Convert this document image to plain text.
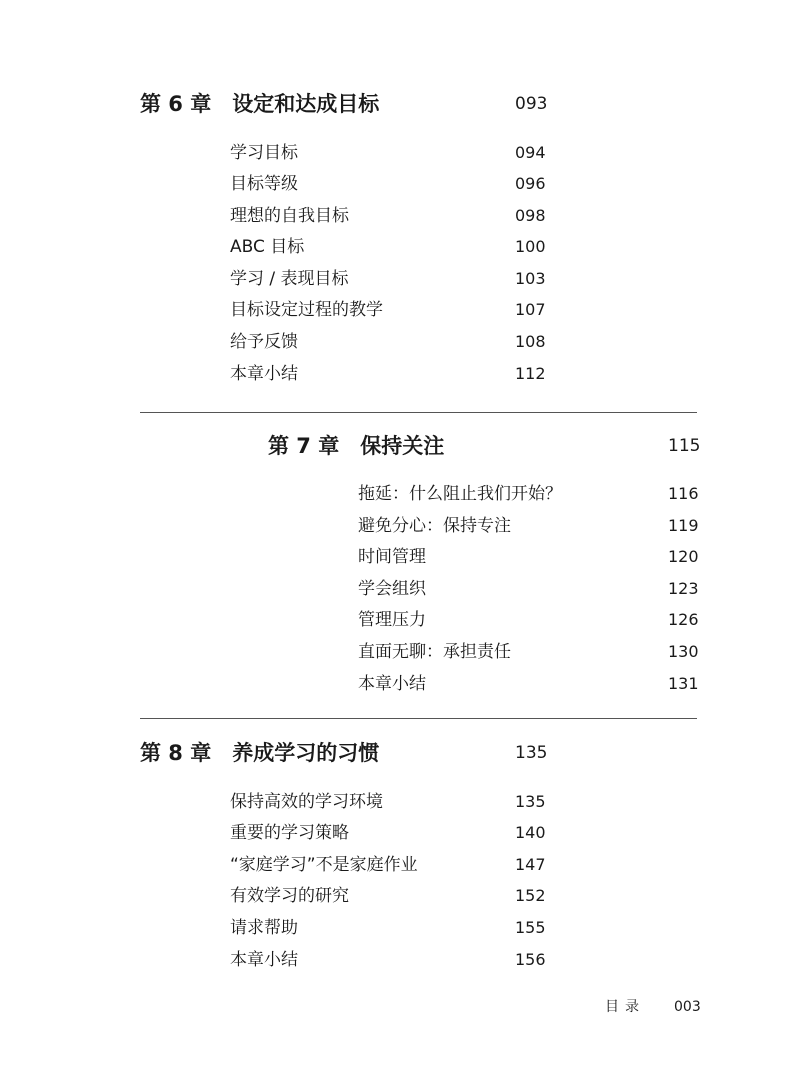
第 6 章　设定和达成目标	093
学习目标	094
目标等级	096
理想的自我目标	098
ABC 目标	100
学习 / 表现目标	103
目标设定过程的教学	107
给予反馈	108
本章小结	112
第 7 章　保持关注	115
拖延：什么阻止我们开始？	116
避免分心：保持专注	119
时间管理	120
学会组织	123
管理压力	126
直面无聊：承担责任	130
本章小结	131
第 8 章　养成学习的习惯	135
保持高效的学习环境	135
重要的学习策略	140
“家庭学习”不是家庭作业	147
有效学习的研究	152
请求帮助	155
本章小结	156
目录 003
